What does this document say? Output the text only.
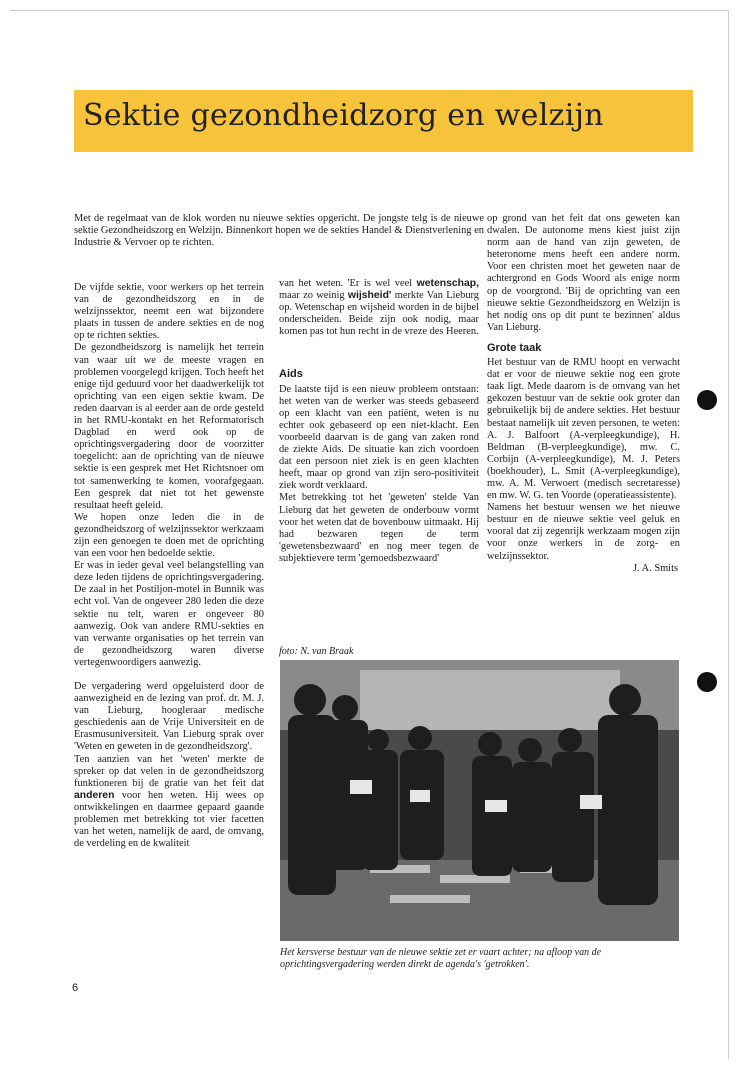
Sektie gezondheidzorg en welzijn

Met de regelmaat van de klok worden nu nieuwe sekties opgericht. De jongste telg is de nieuwe sektie Gezondheidszorg en Welzijn. Binnenkort hopen we de sekties Handel & Dienstverlening en Industrie & Vervoer op te richten.

De vijfde sektie, voor werkers op het terrein van de gezondheidszorg en in de welzijnssektor, neemt een wat bijzondere plaats in tussen de andere sekties en de nog op te richten sekties.

De gezondheidszorg is namelijk het terrein van waar uit we de meeste vragen en problemen voorgelegd krijgen. Toch heeft het enige tijd geduurd voor het daadwerkelijk tot oprichting van een eigen sektie kwam. De reden daarvan is al eerder aan de orde gesteld in het RMU-kontakt en het Reformatorisch Dagblad en werd ook op de oprichtingsvergadering door de voorzitter toegelicht: aan de oprichting van de nieuwe sektie is een gesprek met Het Richtsnoer om tot samenwerking te komen, voorafgegaan. Een gesprek dat niet tot het gewenste resultaat heeft geleid.

We hopen onze leden die in de gezondheidszorg of welzijnssektor werkzaam zijn een genoegen te doen met de oprichting van een voor hen bedoelde sektie.

Er was in ieder geval veel belangstelling van deze leden tijdens de oprichtingsvergadering. De zaal in het Postiljon-motel in Bunnik was echt vol. Van de ongeveer 280 leden die deze sektie nu telt, waren er ongeveer 80 aanwezig. Ook van andere RMU-sekties en van verwante organisaties op het terrein van de gezondheidszorg waren diverse vertegenwoordigers aanwezig.

De vergadering werd opgeluisterd door de aanwezigheid en de lezing van prof. dr. M. J. van Lieburg, hoogleraar medische geschiedenis aan de Vrije Universiteit en de Erasmusuniversiteit. Van Lieburg sprak over 'Weten en geweten in de gezondheidszorg'.

Ten aanzien van het 'weten' merkte de spreker op dat velen in de gezondheidszorg funktioneren bij de gratie van het feit dat anderen voor hen weten. Hij wees op ontwikkelingen en daarmee gepaard gaande problemen met betrekking tot vier facetten van het weten, namelijk de aard, de omvang, de verdeling en de kwaliteit

van het weten. 'Er is wel veel wetenschap, maar zo weinig wijsheid' merkte Van Lieburg op. Wetenschap en wijsheid worden in de bijbel onderscheiden. Beide zijn ook nodig, maar komen pas tot hun recht in de vreze des Heeren.

Aids

De laatste tijd is een nieuw probleem ontstaan: het weten van de werker was steeds gebaseerd op een klacht van een patiënt, weten is nu echter ook gebaseerd op een niet-klacht. Een voorbeeld daarvan is de gang van zaken rond de ziekte Aids. De situatie kan zich voordoen dat een persoon niet ziek is en geen klachten heeft, maar op grond van zijn sero-positiviteit ziek wordt verklaard.

Met betrekking tot het 'geweten' stelde Van Lieburg dat het geweten de onderbouw vormt voor het weten dat de bovenbouw uitmaakt. Hij had bezwaren tegen de term 'gewetensbezwaard' en nog meer tegen de subjektievere term 'gemoedsbezwaard'

foto: N. van Braak

op grond van het feit dat ons geweten kan dwalen. De autonome mens kiest juist zijn norm aan de hand van zijn geweten, de heteronome mens heeft een andere norm. Voor een christen moet het geweten naar de achtergrond en Gods Woord als enige norm op de voorgrond. 'Bij de oprichting van een nieuwe sektie Gezondheidszorg en Welzijn is het nodig ons op dit punt te bezinnen' aldus Van Lieburg.

Grote taak

Het bestuur van de RMU hoopt en verwacht dat er voor de nieuwe sektie nog een grote taak ligt. Mede daarom is de omvang van het gekozen bestuur van de sektie ook groter dan gebruikelijk bij de andere sekties. Het bestuur bestaat namelijk uit zeven personen, te weten: A. J. Balfoort (A-verpleegkundige), H. Beldman (B-verpleegkundige), mw. C. Corbijn (A-verpleegkundige), M. J. Peters (boekhouder), L. Smit (A-verpleegkundige), mw. A. M. Verwoert (medisch secretaresse) en mw. W. G. ten Voorde (operatieassistente).

Namens het bestuur wensen we het nieuwe bestuur en de nieuwe sektie veel geluk en vooral dat zij zegenrijk werkzaam mogen zijn voor onze werkers in de zorg- en welzijnssektor.

J. A. Smits

Het kersverse bestuur van de nieuwe sektie zet er vaart achter; na afloop van de oprichtingsvergadering werden direkt de agenda's 'getrokken'.
6
